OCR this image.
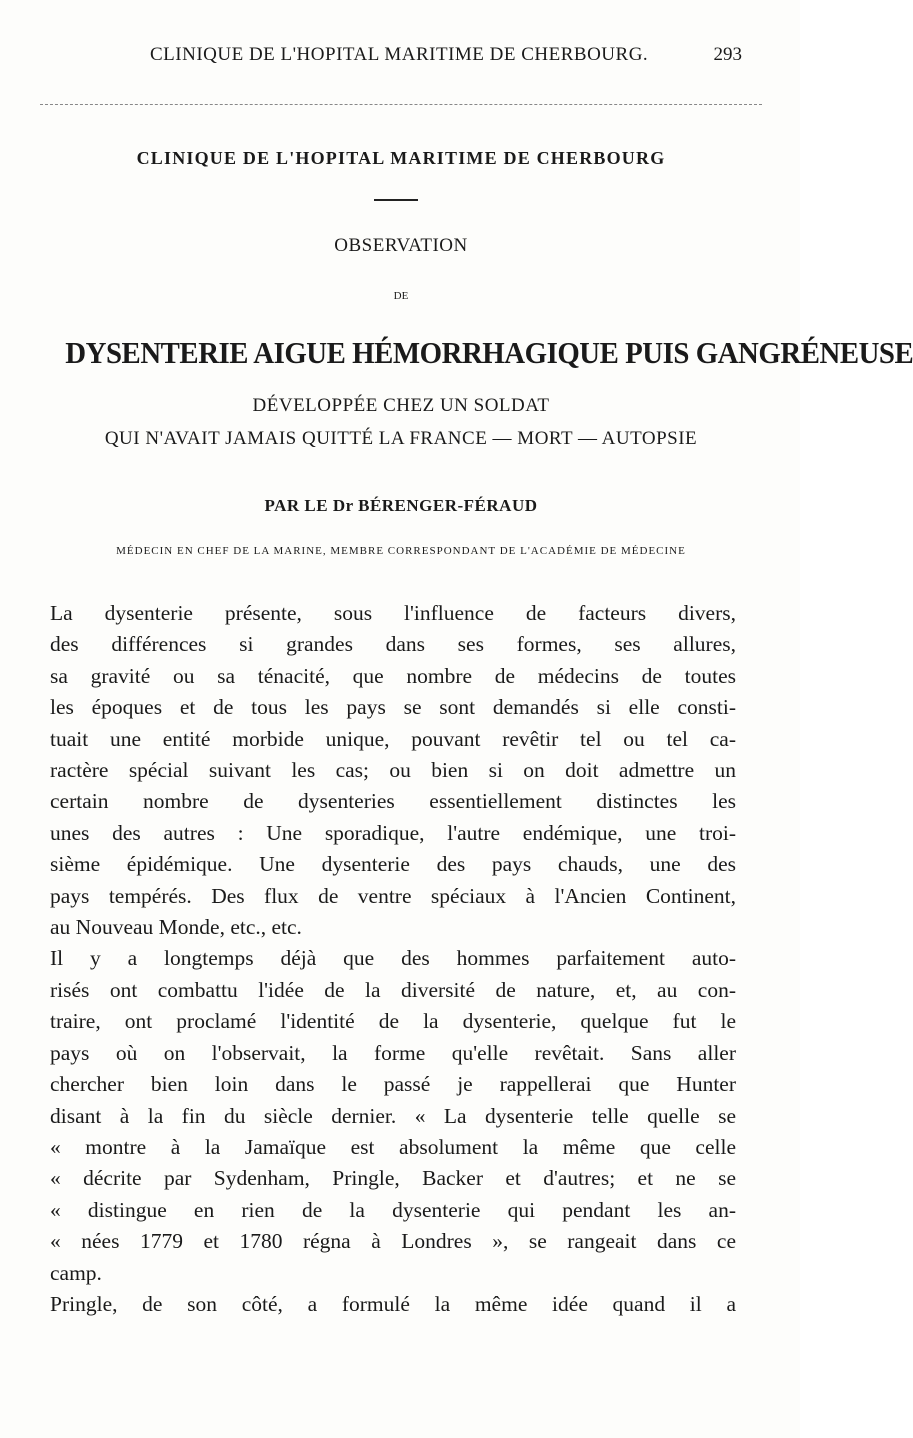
CLINIQUE DE L'HOPITAL MARITIME DE CHERBOURG.	293
CLINIQUE DE L'HOPITAL MARITIME DE CHERBOURG
OBSERVATION
DE
DYSENTERIE AIGUE HÉMORRHAGIQUE PUIS GANGRÉNEUSE
DÉVELOPPÉE CHEZ UN SOLDAT
QUI N'AVAIT JAMAIS QUITTÉ LA FRANCE — MORT — AUTOPSIE
PAR LE Dr BÉRENGER-FÉRAUD
MÉDECIN EN CHEF DE LA MARINE, MEMBRE CORRESPONDANT DE L'ACADÉMIE DE MÉDECINE

La dysenterie présente, sous l'influence de facteurs divers,
des différences si grandes dans ses formes, ses allures,
sa gravité ou sa ténacité, que nombre de médecins de toutes
les époques et de tous les pays se sont demandés si elle consti-
tuait une entité morbide unique, pouvant revêtir tel ou tel ca-
ractère spécial suivant les cas; ou bien si on doit admettre un
certain nombre de dysenteries essentiellement distinctes les
unes des autres : Une sporadique, l'autre endémique, une troi-
sième épidémique. Une dysenterie des pays chauds, une des
pays tempérés. Des flux de ventre spéciaux à l'Ancien Continent,
au Nouveau Monde, etc., etc.

Il y a longtemps déjà que des hommes parfaitement auto-
risés ont combattu l'idée de la diversité de nature, et, au con-
traire, ont proclamé l'identité de la dysenterie, quelque fut le
pays où on l'observait, la forme qu'elle revêtait. Sans aller
chercher bien loin dans le passé je rappellerai que Hunter
disant à la fin du siècle dernier. « La dysenterie telle quelle se
« montre à la Jamaïque est absolument la même que celle
« décrite par Sydenham, Pringle, Backer et d'autres; et ne se
« distingue en rien de la dysenterie qui pendant les an-
« nées 1779 et 1780 régna à Londres », se rangeait dans ce
camp.

Pringle, de son côté, a formulé la même idée quand il a
